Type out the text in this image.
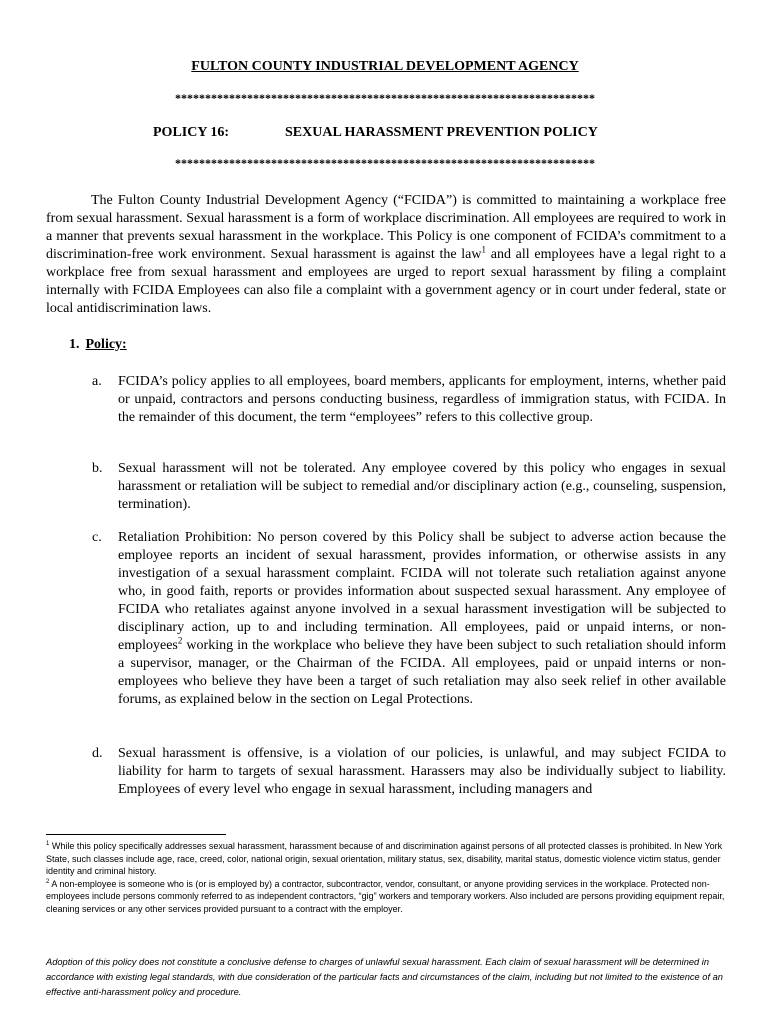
FULTON COUNTY INDUSTRIAL DEVELOPMENT AGENCY
**********************************************************************
POLICY 16:	SEXUAL HARASSMENT PREVENTION POLICY
**********************************************************************

The Fulton County Industrial Development Agency (“FCIDA”) is committed to maintaining a workplace free from sexual harassment. Sexual harassment is a form of workplace discrimination. All employees are required to work in a manner that prevents sexual harassment in the workplace. This Policy is one component of FCIDA’s commitment to a discrimination-free work environment. Sexual harassment is against the law$^1$ and all employees have a legal right to a workplace free from sexual harassment and employees are urged to report sexual harassment by filing a complaint internally with FCIDA Employees can also file a complaint with a government agency or in court under federal, state or local antidiscrimination laws.

1. Policy:
a. FCIDA’s policy applies to all employees, board members, applicants for employment, interns, whether paid or unpaid, contractors and persons conducting business, regardless of immigration status, with FCIDA. In the remainder of this document, the term “employees” refers to this collective group.
b. Sexual harassment will not be tolerated. Any employee covered by this policy who engages in sexual harassment or retaliation will be subject to remedial and/or disciplinary action (e.g., counseling, suspension, termination).
c. Retaliation Prohibition: No person covered by this Policy shall be subject to adverse action because the employee reports an incident of sexual harassment, provides information, or otherwise assists in any investigation of a sexual harassment complaint. FCIDA will not tolerate such retaliation against anyone who, in good faith, reports or provides information about suspected sexual harassment. Any employee of FCIDA who retaliates against anyone involved in a sexual harassment investigation will be subjected to disciplinary action, up to and including termination. All employees, paid or unpaid interns, or non-employees$^2$ working in the workplace who believe they have been subject to such retaliation should inform a supervisor, manager, or the Chairman of the FCIDA. All employees, paid or unpaid interns or non-employees who believe they have been a target of such retaliation may also seek relief in other available forums, as explained below in the section on Legal Protections.
d. Sexual harassment is offensive, is a violation of our policies, is unlawful, and may subject FCIDA to liability for harm to targets of sexual harassment. Harassers may also be individually subject to liability. Employees of every level who engage in sexual harassment, including managers and

$^1$ While this policy specifically addresses sexual harassment, harassment because of and discrimination against persons of all protected classes is prohibited. In New York State, such classes include age, race, creed, color, national origin, sexual orientation, military status, sex, disability, marital status, domestic violence victim status, gender identity and criminal history.

$^2$ A non-employee is someone who is (or is employed by) a contractor, subcontractor, vendor, consultant, or anyone providing services in the workplace. Protected non-employees include persons commonly referred to as independent contractors, “gig” workers and temporary workers. Also included are persons providing equipment repair, cleaning services or any other services provided pursuant to a contract with the employer.

Adoption of this policy does not constitute a conclusive defense to charges of unlawful sexual harassment. Each claim of sexual harassment will be determined in accordance with existing legal standards, with due consideration of the particular facts and circumstances of the claim, including but not limited to the existence of an effective anti-harassment policy and procedure.
